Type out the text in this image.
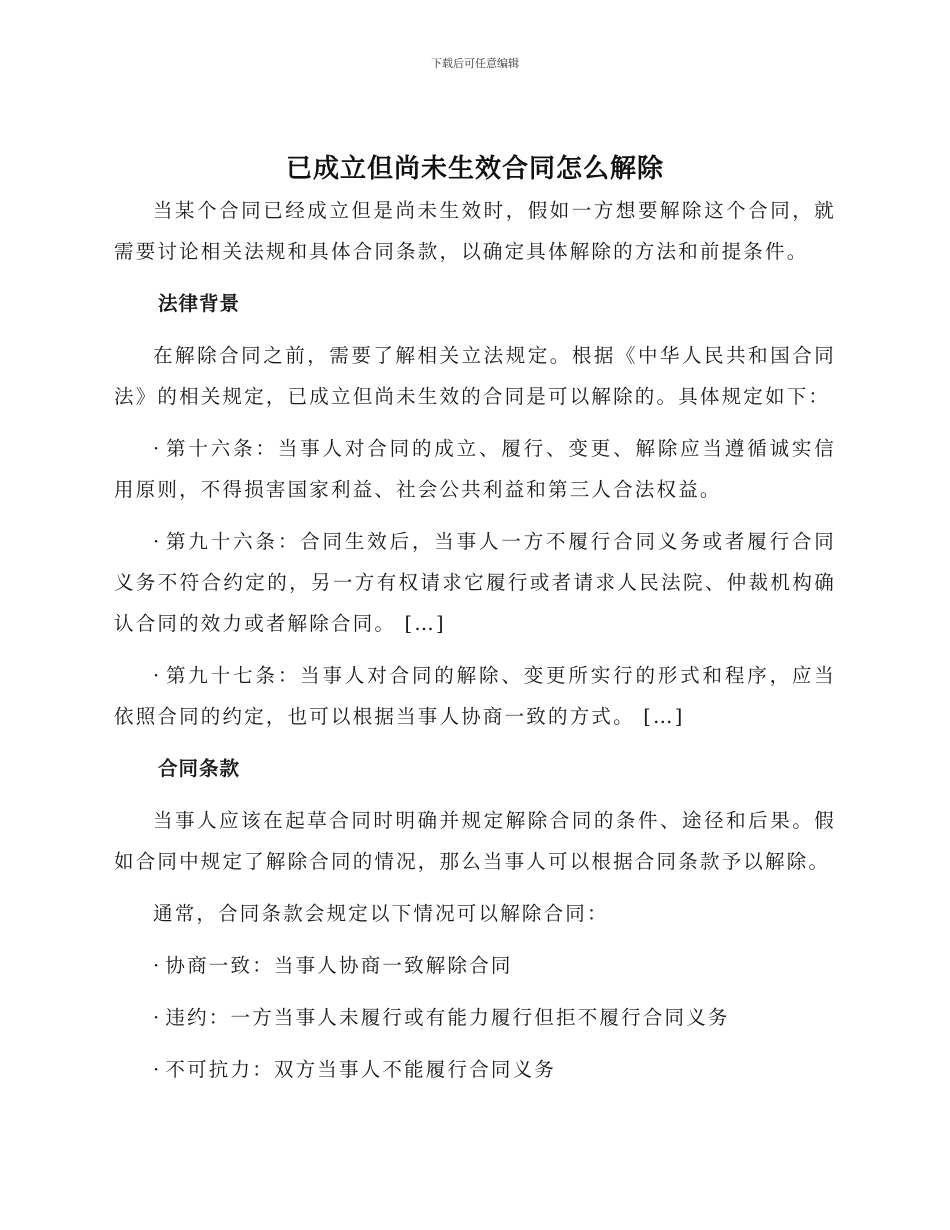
下载后可任意编辑
已成立但尚未生效合同怎么解除

当某个合同已经成立但是尚未生效时，假如一方想要解除这个合同，就需要讨论相关法规和具体合同条款，以确定具体解除的方法和前提条件。

法律背景

在解除合同之前，需要了解相关立法规定。根据《中华人民共和国合同法》的相关规定，已成立但尚未生效的合同是可以解除的。具体规定如下：

· 第十六条：当事人对合同的成立、履行、变更、解除应当遵循诚实信用原则，不得损害国家利益、社会公共利益和第三人合法权益。

· 第九十六条：合同生效后，当事人一方不履行合同义务或者履行合同义务不符合约定的，另一方有权请求它履行或者请求人民法院、仲裁机构确认合同的效力或者解除合同。 […]

· 第九十七条：当事人对合同的解除、变更所实行的形式和程序，应当依照合同的约定，也可以根据当事人协商一致的方式。 […]

合同条款

当事人应该在起草合同时明确并规定解除合同的条件、途径和后果。假如合同中规定了解除合同的情况，那么当事人可以根据合同条款予以解除。

通常，合同条款会规定以下情况可以解除合同：

· 协商一致：当事人协商一致解除合同

· 违约：一方当事人未履行或有能力履行但拒不履行合同义务

· 不可抗力：双方当事人不能履行合同义务
